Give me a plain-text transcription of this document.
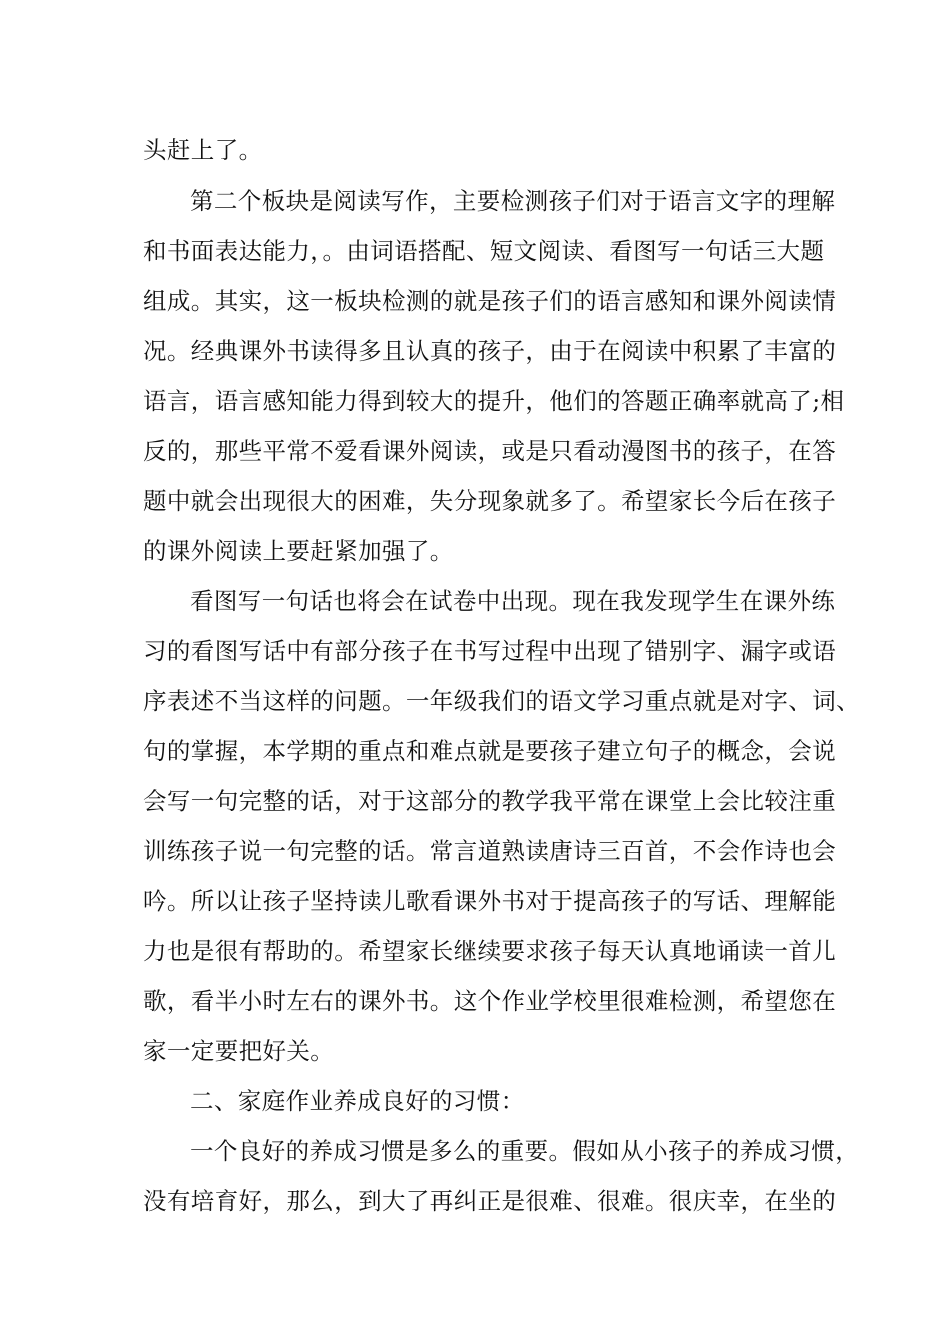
头赶上了。
第二个板块是阅读写作，主要检测孩子们对于语言文字的理解
和书面表达能力，。由词语搭配、短文阅读、看图写一句话三大题
组成。其实，这一板块检测的就是孩子们的语言感知和课外阅读情
况。经典课外书读得多且认真的孩子，由于在阅读中积累了丰富的
语言，语言感知能力得到较大的提升，他们的答题正确率就高了;相
反的，那些平常不爱看课外阅读，或是只看动漫图书的孩子，在答
题中就会出现很大的困难，失分现象就多了。希望家长今后在孩子
的课外阅读上要赶紧加强了。
看图写一句话也将会在试卷中出现。现在我发现学生在课外练
习的看图写话中有部分孩子在书写过程中出现了错别字、漏字或语
序表述不当这样的问题。一年级我们的语文学习重点就是对字、词、
句的掌握，本学期的重点和难点就是要孩子建立句子的概念，会说
会写一句完整的话，对于这部分的教学我平常在课堂上会比较注重
训练孩子说一句完整的话。常言道熟读唐诗三百首，不会作诗也会
吟。所以让孩子坚持读儿歌看课外书对于提高孩子的写话、理解能
力也是很有帮助的。希望家长继续要求孩子每天认真地诵读一首儿
歌，看半小时左右的课外书。这个作业学校里很难检测，希望您在
家一定要把好关。
二、家庭作业养成良好的习惯：
一个良好的养成习惯是多么的重要。假如从小孩子的养成习惯，
没有培育好，那么，到大了再纠正是很难、很难。很庆幸，在坐的
